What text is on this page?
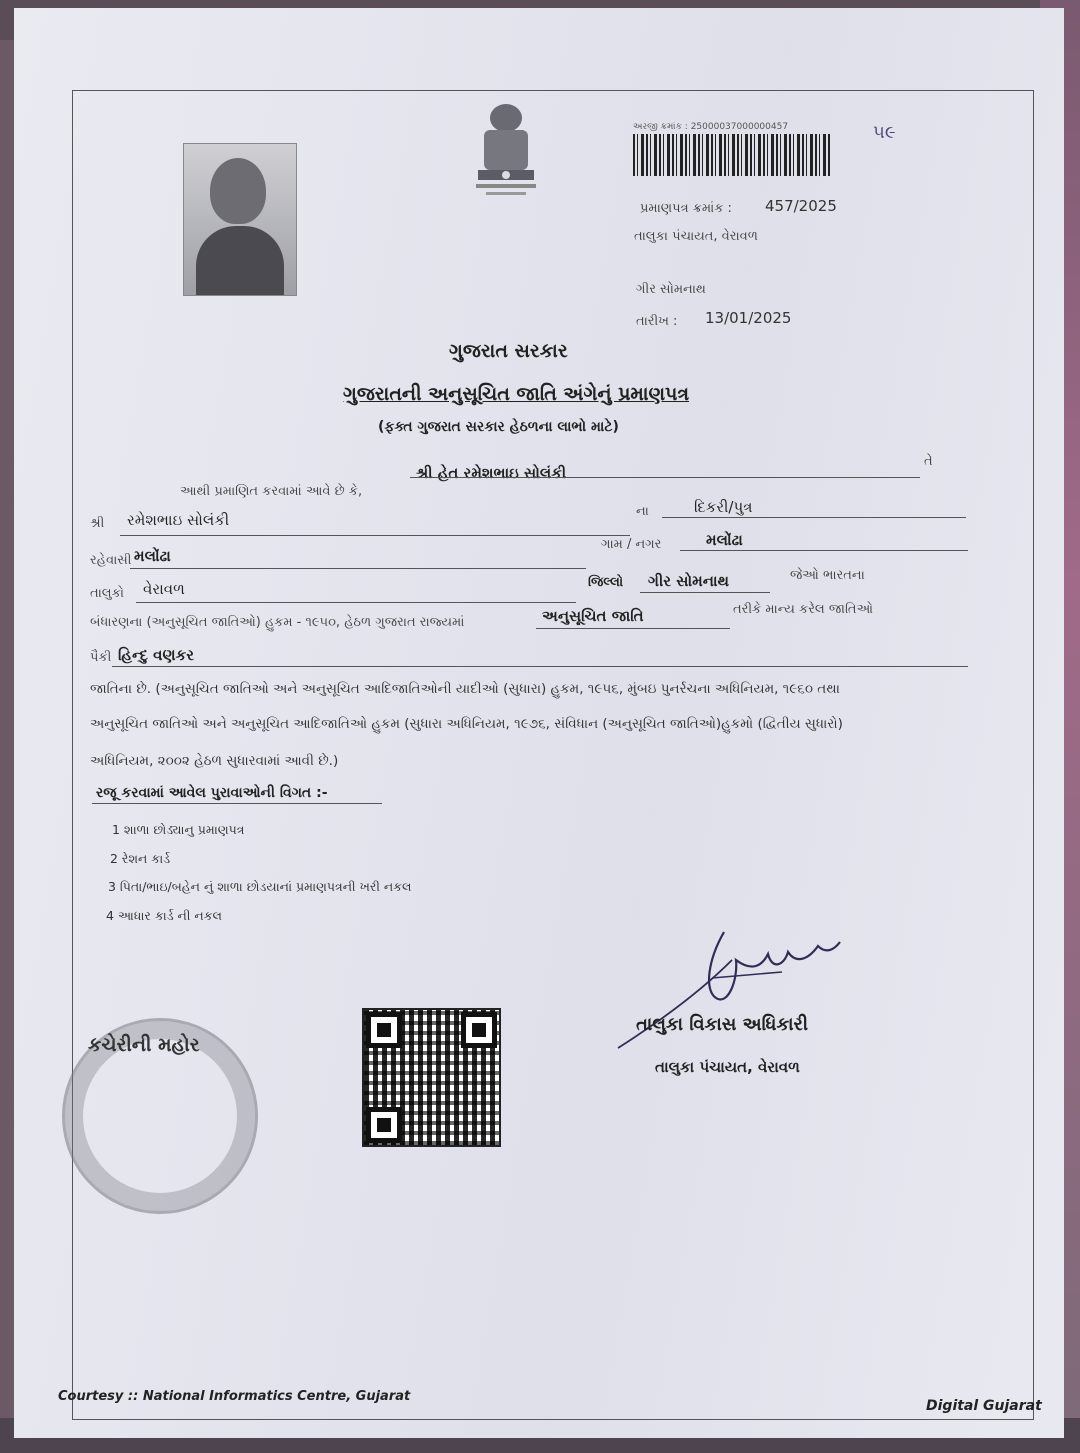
અરજી ક્રમાંક : 25000037000000457	૫૯
પ્રમાણપત્ર ક્રમાંક : 457/2025
તાલુકા પંચાયત, વેરાવળ
ગીર સોમનાથ
તારીખ : 13/01/2025
ગુજરાત સરકાર
ગુજરાતની અનુસૂચિત જાતિ અંગેનું પ્રમાણપત્ર
(ફક્ત ગુજરાત સરકાર હેઠળના લાભો માટે)
આથી પ્રમાણિત કરવામાં આવે છે કે,
શ્રી હેત રમેશભાઇ સોલંકી
તે
શ્રી રમેશભાઇ સોલંકી	ના	દિકરી/પુત્ર
રહેવાસી મલોંઢા
ગામ / નગર	મલોંઢા
તાલુકો વેરાવળ	જિલ્લો ગીર સોમનાથ	જેઓ ભારતના
બંધારણના (અનુસૂચિત જાતિઓ) હુકમ - ૧૯૫૦, હેઠળ ગુજરાત રાજ્યમાં	અનુસૂચિત જાતિ	તરીકે માન્ય કરેલ જાતિઓ
પૈકી હિન્દુ વણકર
જાતિના છે. (અનુસૂચિત જાતિઓ અને અનુસૂચિત આદિજાતિઓની યાદીઓ (સુધારા) હુકમ, ૧૯૫૬, મુંબઇ પુનર્રચના અધિનિયમ, ૧૯૬૦ તથા
અનુસૂચિત જાતિઓ અને અનુસૂચિત આદિજાતિઓ હુકમ (સુધારા અધિનિયમ, ૧૯૭૬, સંવિધાન (અનુસૂચિત જાતિઓ)હુકમો (દ્વિતીય સુધારો)
અધિનિયમ, ૨૦૦૨ હેઠળ સુધારવામાં આવી છે.)
રજૂ કરવામાં આવેલ પુરાવાઓની વિગત :-
1 શાળા છોડ્યાનુ પ્રમાણપત્ર
2 રેશન કાર્ડ
3 પિતા/ભાઇ/બહેન નું શાળા છોડયાનાં પ્રમાણપત્રની ખરી નકલ
4 આધાર કાર્ડ ની નકલ
કચેરીની મહોર
તાલુકા વિકાસ અધિકારી
તાલુકા પંચાયત, વેરાવળ
Courtesy :: National Informatics Centre, Gujarat
Digital Gujarat
